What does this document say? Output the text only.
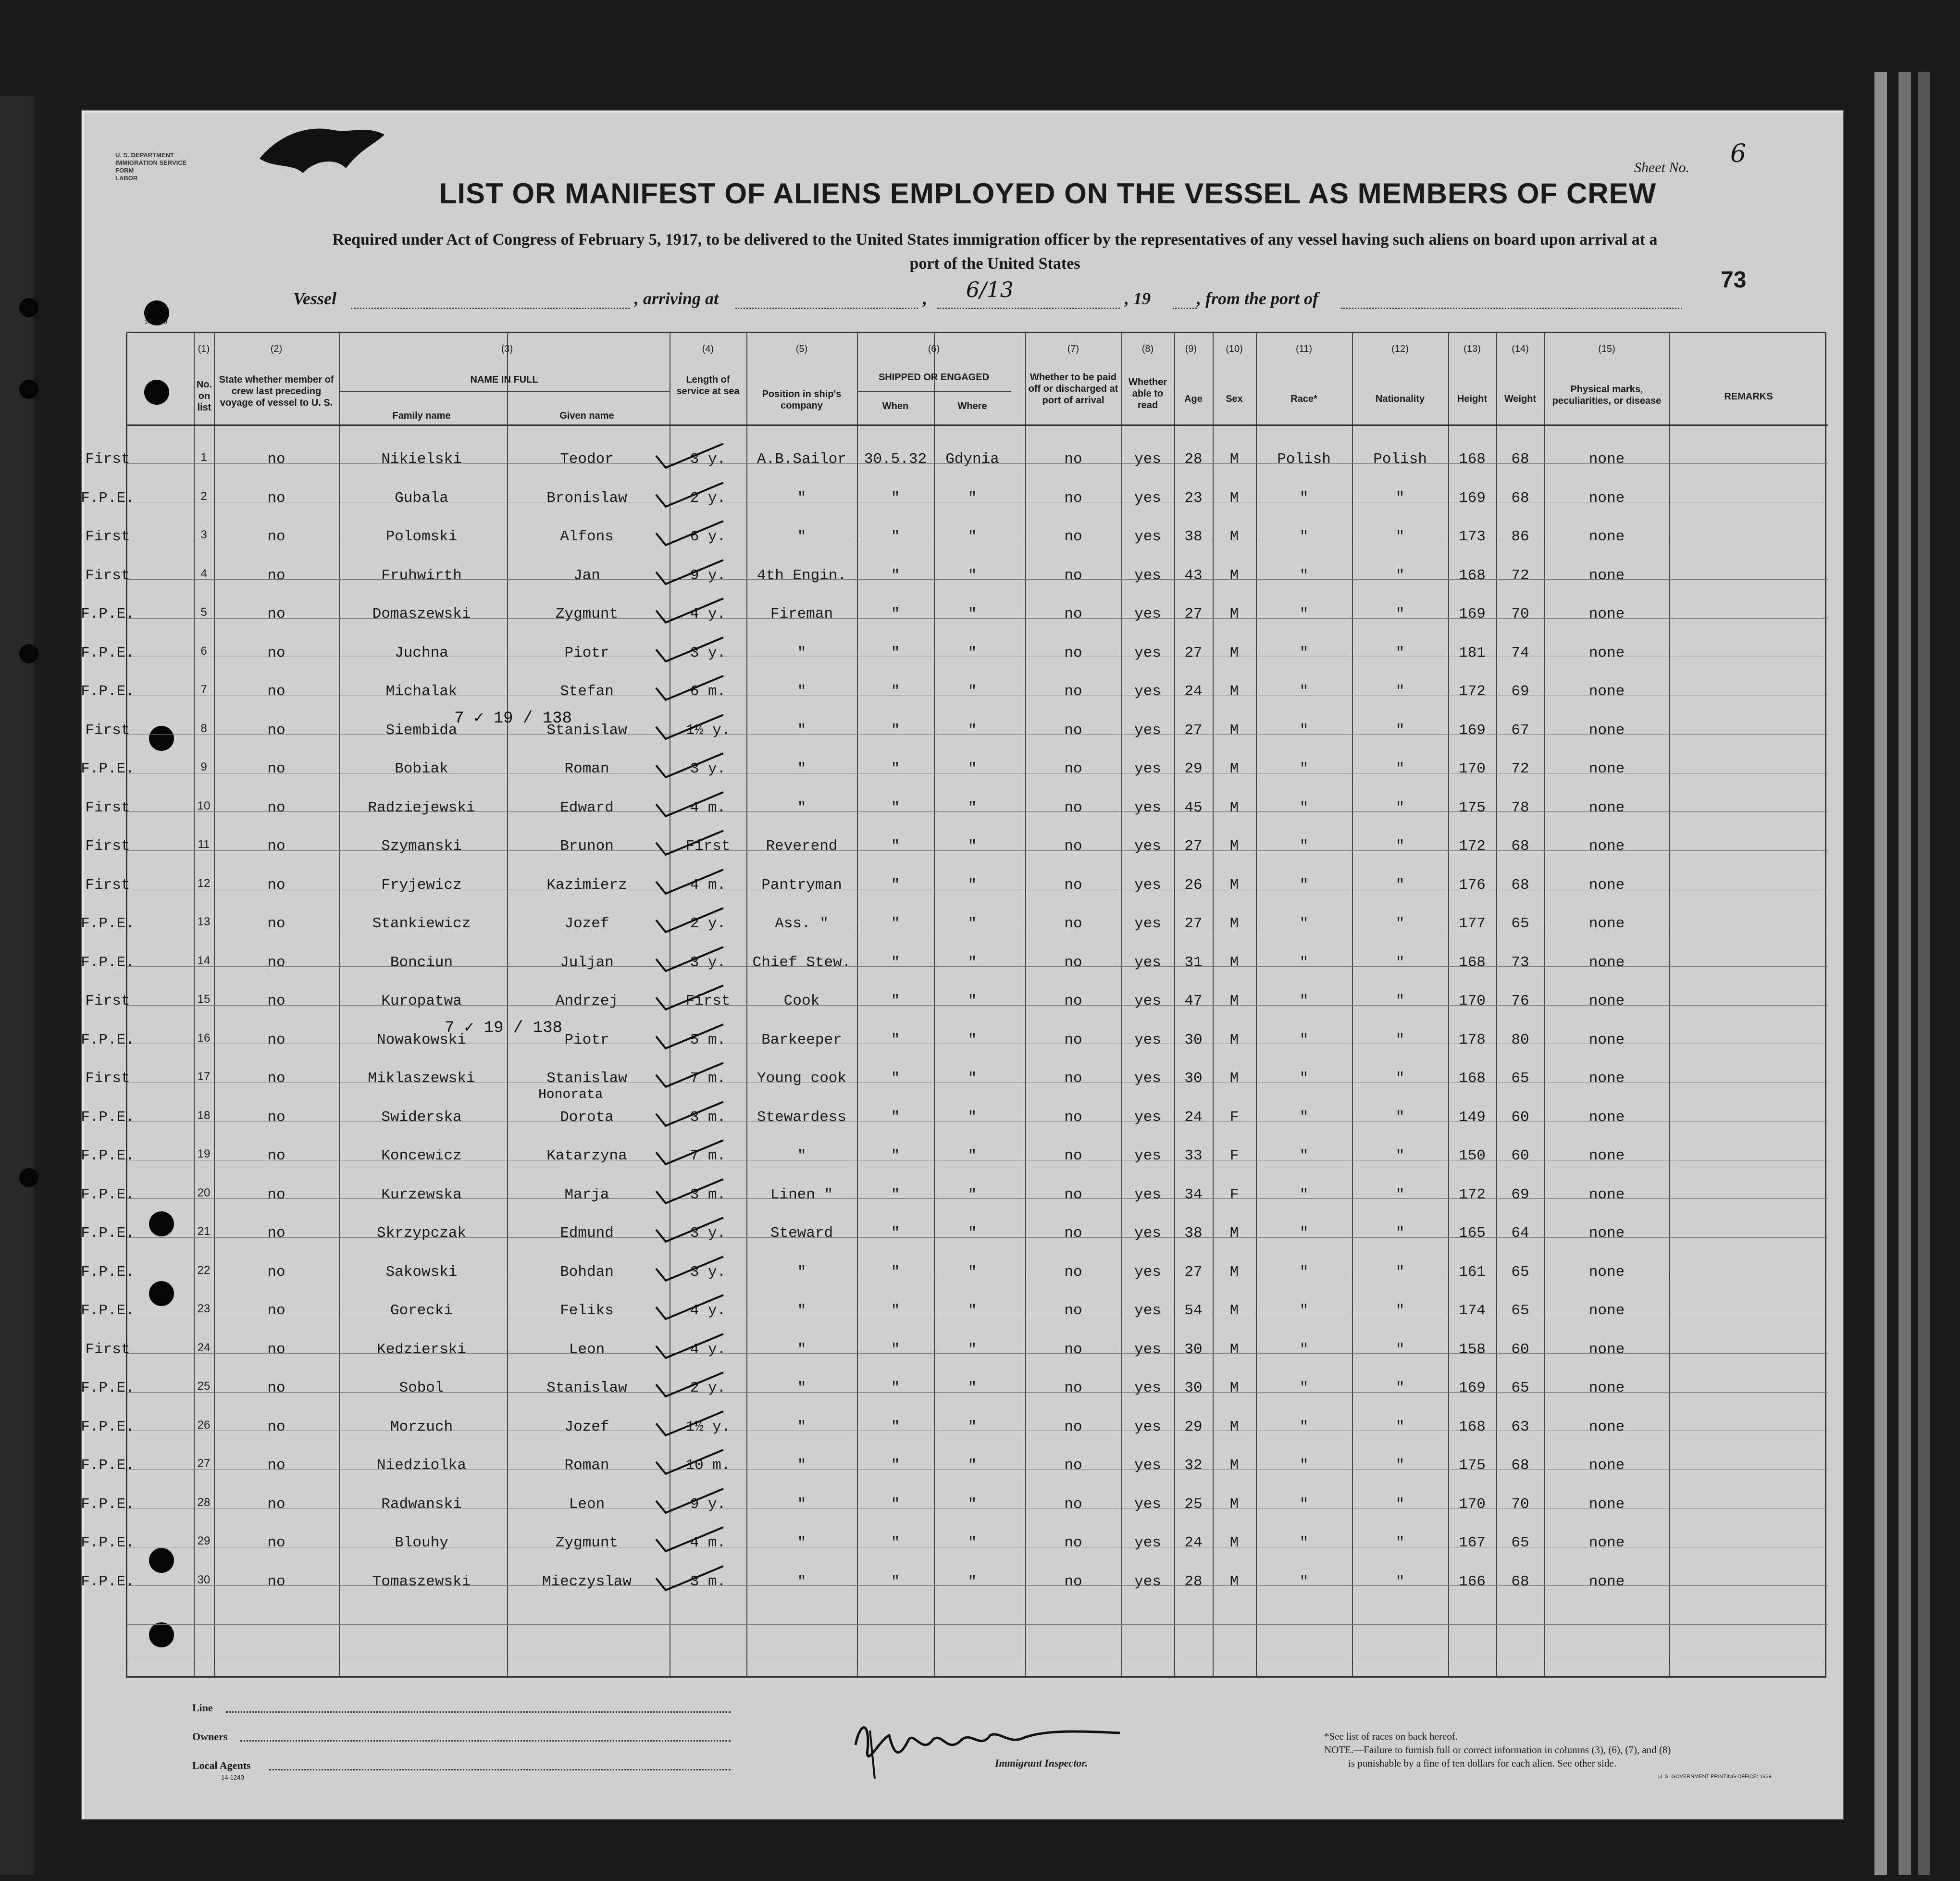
U. S. DEPARTMENT
IMMIGRATION SERVICE
FORM
LABOR	LIST OR MANIFEST OF ALIENS EMPLOYED ON THE VESSEL AS MEMBERS OF CREW
Required under Act of Congress of February 5, 1917, to be delivered to the United States immigration officer by the representatives of any vessel having such aliens on board upon arrival at a
port of the United States
Sheet No. 6
73
Vessel	, arriving at	, 6/13	, 19	, from the port of
14-1240
(1)	(2)	(3)	(4)	(5)	(6)	(7)	(8)	(9)	(10)	(11)	(12)	(13)	(14)	(15)
No. on list
State whether member of crew last preceding voyage of vessel to U. S.
NAME IN FULL
Family name	Given name
Length of service at sea	Position in ship's company
SHIPPED OR ENGAGED
When	Where
Whether to be paid off or discharged at port of arrival
Whether able to read
Age	Sex	Race*	Nationality	Height	Weight
Physical marks, peculiarities, or disease	REMARKS
First	1	no	Nikielski	Teodor	3 y.	A.B.Sailor	30.5.32	Gdynia	no	yes	28	M	Polish	Polish	168	68	none
F.P.E.	2	no	Gubala	Bronislaw	2 y.	"	"	"	no	yes	23	M	"	"	169	68	none
First	3	no	Polomski	Alfons	6 y.	"	"	"	no	yes	38	M	"	"	173	86	none
First	4	no	Fruhwirth	Jan	9 y.	4th Engin.	"	"	no	yes	43	M	"	"	168	72	none
F.P.E.	5	no	Domaszewski	Zygmunt	4 y.	Fireman	"	"	no	yes	27	M	"	"	169	70	none
F.P.E.	6	no	Juchna	Piotr	3 y.	"	"	"	no	yes	27	M	"	"	181	74	none
F.P.E.	7	no	Michalak	Stefan	6 m.	"	"	"	no	yes	24	M	"	"	172	69	none
First	8	no	Siembida	Stanislaw	1½ y.	"	"	"	no	yes	27	M	"	"	169	67	none
F.P.E.	9	no	Bobiak	Roman	3 y.	"	"	"	no	yes	29	M	"	"	170	72	none
First	10	no	Radziejewski	Edward	4 m.	"	"	"	no	yes	45	M	"	"	175	78	none
First	11	no	Szymanski	Brunon	First	Reverend	"	"	no	yes	27	M	"	"	172	68	none
First	12	no	Fryjewicz	Kazimierz	4 m.	Pantryman	"	"	no	yes	26	M	"	"	176	68	none
F.P.E.	13	no	Stankiewicz	Jozef	2 y.	Ass. "	"	"	no	yes	27	M	"	"	177	65	none
F.P.E.	14	no	Bonciun	Juljan	3 y.	Chief Stew.	"	"	no	yes	31	M	"	"	168	73	none
First	15	no	Kuropatwa	Andrzej	First	Cook	"	"	no	yes	47	M	"	"	170	76	none
F.P.E.	16	no	Nowakowski	Piotr	5 m.	Barkeeper	"	"	no	yes	30	M	"	"	178	80	none
First	17	no	Miklaszewski	Stanislaw	7 m.	Young cook	"	"	no	yes	30	M	"	"	168	65	none
F.P.E.	18	no	Swiderska	Dorota	3 m.	Stewardess	"	"	no	yes	24	F	"	"	149	60	none
F.P.E.	19	no	Koncewicz	Katarzyna	7 m.	"	"	"	no	yes	33	F	"	"	150	60	none
F.P.E.	20	no	Kurzewska	Marja	3 m.	Linen "	"	"	no	yes	34	F	"	"	172	69	none
F.P.E.	21	no	Skrzypczak	Edmund	3 y.	Steward	"	"	no	yes	38	M	"	"	165	64	none
F.P.E.	22	no	Sakowski	Bohdan	3 y.	"	"	"	no	yes	27	M	"	"	161	65	none
F.P.E.	23	no	Gorecki	Feliks	4 y.	"	"	"	no	yes	54	M	"	"	174	65	none
First	24	no	Kedzierski	Leon	4 y.	"	"	"	no	yes	30	M	"	"	158	60	none
F.P.E.	25	no	Sobol	Stanislaw	2 y.	"	"	"	no	yes	30	M	"	"	169	65	none
F.P.E.	26	no	Morzuch	Jozef	1½ y.	"	"	"	no	yes	29	M	"	"	168	63	none
F.P.E.	27	no	Niedziolka	Roman	10 m.	"	"	"	no	yes	32	M	"	"	175	68	none
F.P.E.	28	no	Radwanski	Leon	9 y.	"	"	"	no	yes	25	M	"	"	170	70	none
F.P.E.	29	no	Blouhy	Zygmunt	4 m.	"	"	"	no	yes	24	M	"	"	167	65	none
F.P.E.	30	no	Tomaszewski	Mieczyslaw	3 m.	"	"	"	no	yes	28	M	"	"	166	68	none
7 ✓ 19 / 138
7 ✓ 19 / 138
Honorata
Line
Owners
Local Agents
14-1240
Immigrant Inspector.
*See list of races on back hereof.
NOTE.—Failure to furnish full or correct information in columns (3), (6), (7), and (8)
is punishable by a fine of ten dollars for each alien. See other side.
U. S. GOVERNMENT PRINTING OFFICE: 1929
